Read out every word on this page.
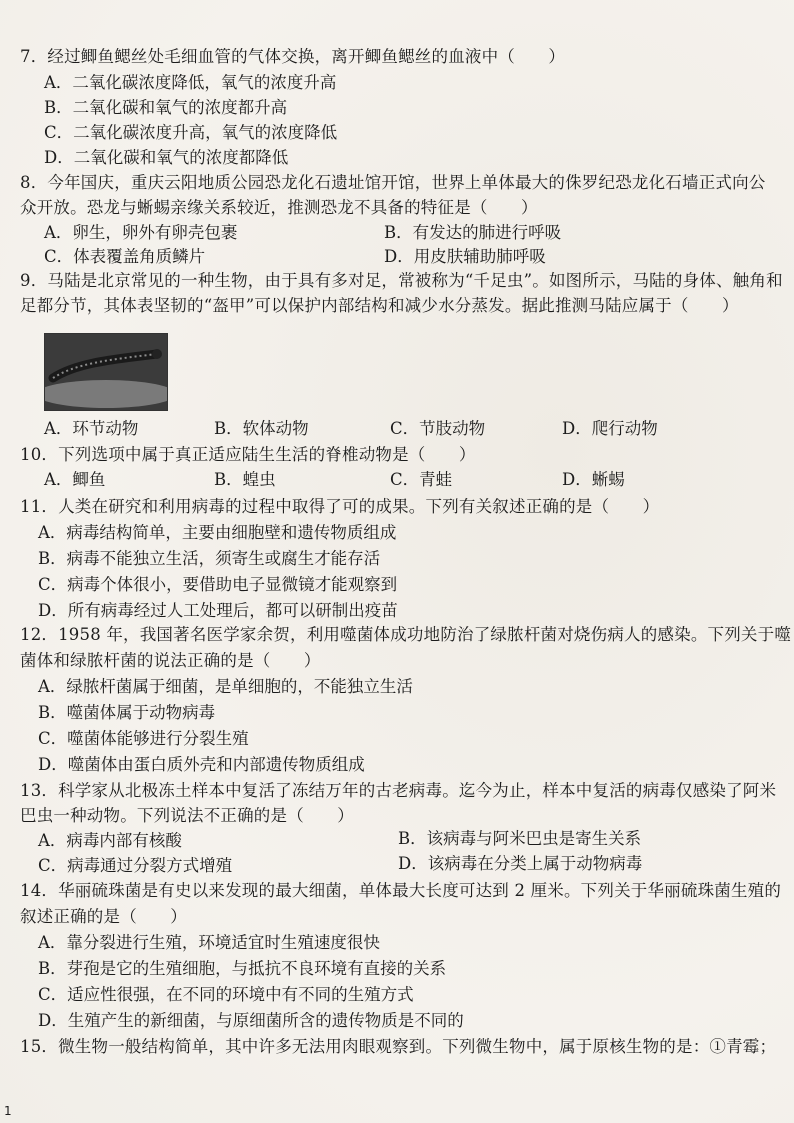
7．经过鲫鱼鳃丝处毛细血管的气体交换，离开鲫鱼鳃丝的血液中（　　）
A．二氧化碳浓度降低，氧气的浓度升高
B．二氧化碳和氧气的浓度都升高
C．二氧化碳浓度升高，氧气的浓度降低
D．二氧化碳和氧气的浓度都降低
8．今年国庆，重庆云阳地质公园恐龙化石遗址馆开馆，世界上单体最大的侏罗纪恐龙化石墙正式向公
众开放。恐龙与蜥蜴亲缘关系较近，推测恐龙不具备的特征是（　　）
A．卵生，卵外有卵壳包裹	B．有发达的肺进行呼吸
C．体表覆盖角质鳞片	D．用皮肤辅助肺呼吸
9．马陆是北京常见的一种生物，由于具有多对足，常被称为“千足虫”。如图所示，马陆的身体、触角和
足都分节，其体表坚韧的“盔甲”可以保护内部结构和减少水分蒸发。据此推测马陆应属于（　　）
A．环节动物	B．软体动物	C．节肢动物	D．爬行动物
10．下列选项中属于真正适应陆生生活的脊椎动物是（　　）
A．鲫鱼	B．蝗虫	C．青蛙	D．蜥蜴
11．人类在研究和利用病毒的过程中取得了可的成果。下列有关叙述正确的是（　　）
A．病毒结构简单，主要由细胞壁和遗传物质组成
B．病毒不能独立生活，须寄生或腐生才能存活
C．病毒个体很小，要借助电子显微镜才能观察到
D．所有病毒经过人工处理后，都可以研制出疫苗
12．1958 年，我国著名医学家余贺，利用噬菌体成功地防治了绿脓杆菌对烧伤病人的感染。下列关于噬
菌体和绿脓杆菌的说法正确的是（　　）
A．绿脓杆菌属于细菌，是单细胞的，不能独立生活
B．噬菌体属于动物病毒
C．噬菌体能够进行分裂生殖
D．噬菌体由蛋白质外壳和内部遗传物质组成
13．科学家从北极冻土样本中复活了冻结万年的古老病毒。迄今为止，样本中复活的病毒仅感染了阿米
巴虫一种动物。下列说法不正确的是（　　）
A．病毒内部有核酸	B．该病毒与阿米巴虫是寄生关系
C．病毒通过分裂方式增殖	D．该病毒在分类上属于动物病毒
14．华丽硫珠菌是有史以来发现的最大细菌，单体最大长度可达到 2 厘米。下列关于华丽硫珠菌生殖的
叙述正确的是（　　）
A．靠分裂进行生殖，环境适宜时生殖速度很快
B．芽孢是它的生殖细胞，与抵抗不良环境有直接的关系
C．适应性很强，在不同的环境中有不同的生殖方式
D．生殖产生的新细菌，与原细菌所含的遗传物质是不同的
15．微生物一般结构简单，其中许多无法用肉眼观察到。下列微生物中，属于原核生物的是：①青霉；
1
